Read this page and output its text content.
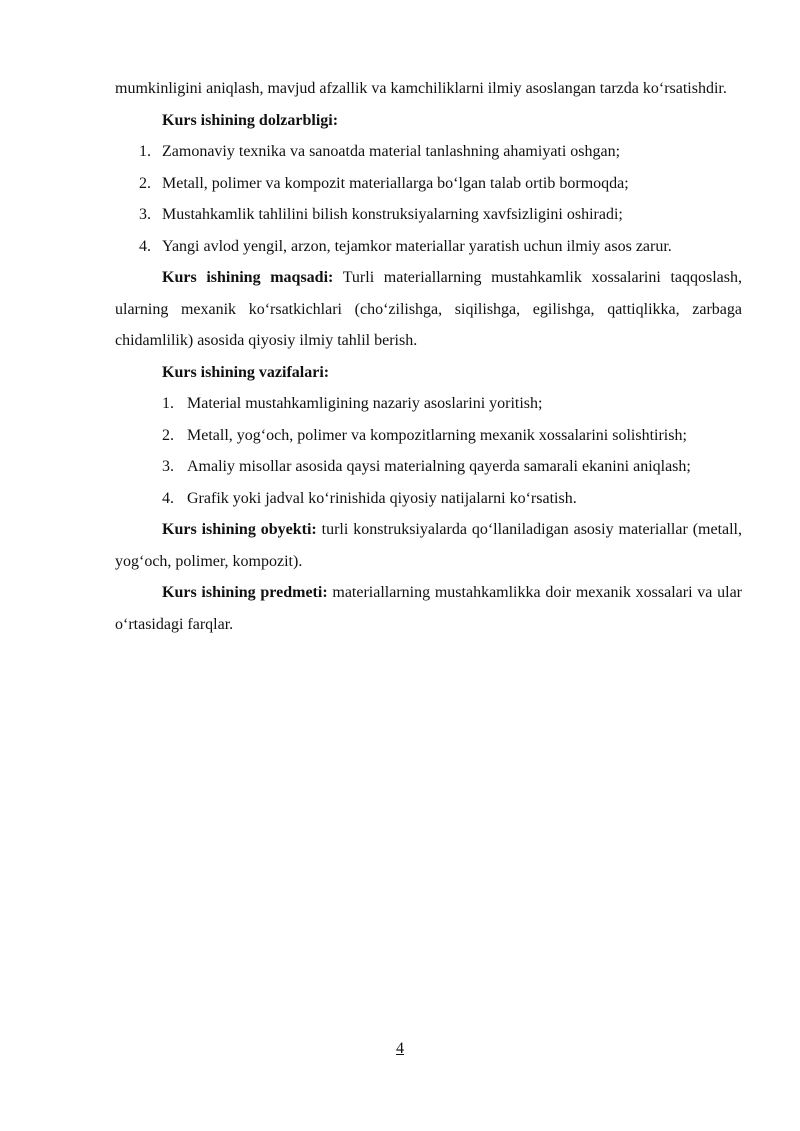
mumkinligini aniqlash, mavjud afzallik va kamchiliklarni ilmiy asoslangan tarzda ko‘rsatishdir.

Kurs ishining dolzarbligi:

1. Zamonaviy texnika va sanoatda material tanlashning ahamiyati oshgan;
2. Metall, polimer va kompozit materiallarga bo‘lgan talab ortib bormoqda;
3. Mustahkamlik tahlilini bilish konstruksiyalarning xavfsizligini oshiradi;
4. Yangi avlod yengil, arzon, tejamkor materiallar yaratish uchun ilmiy asos zarur.

Kurs ishining maqsadi: Turli materiallarning mustahkamlik xossalarini taqqoslash, ularning mexanik ko‘rsatkichlari (cho‘zilishga, siqilishga, egilishga, qattiqlikka, zarbaga chidamlilik) asosida qiyosiy ilmiy tahlil berish.

Kurs ishining vazifalari:

1. Material mustahkamligining nazariy asoslarini yoritish;
2. Metall, yog‘och, polimer va kompozitlarning mexanik xossalarini solishtirish;
3. Amaliy misollar asosida qaysi materialning qayerda samarali ekanini aniqlash;
4. Grafik yoki jadval ko‘rinishida qiyosiy natijalarni ko‘rsatish.

Kurs ishining obyekti: turli konstruksiyalarda qo‘llaniladigan asosiy materiallar (metall, yog‘och, polimer, kompozit).

Kurs ishining predmeti: materiallarning mustahkamlikka doir mexanik xossalari va ular o‘rtasidagi farqlar.

4
